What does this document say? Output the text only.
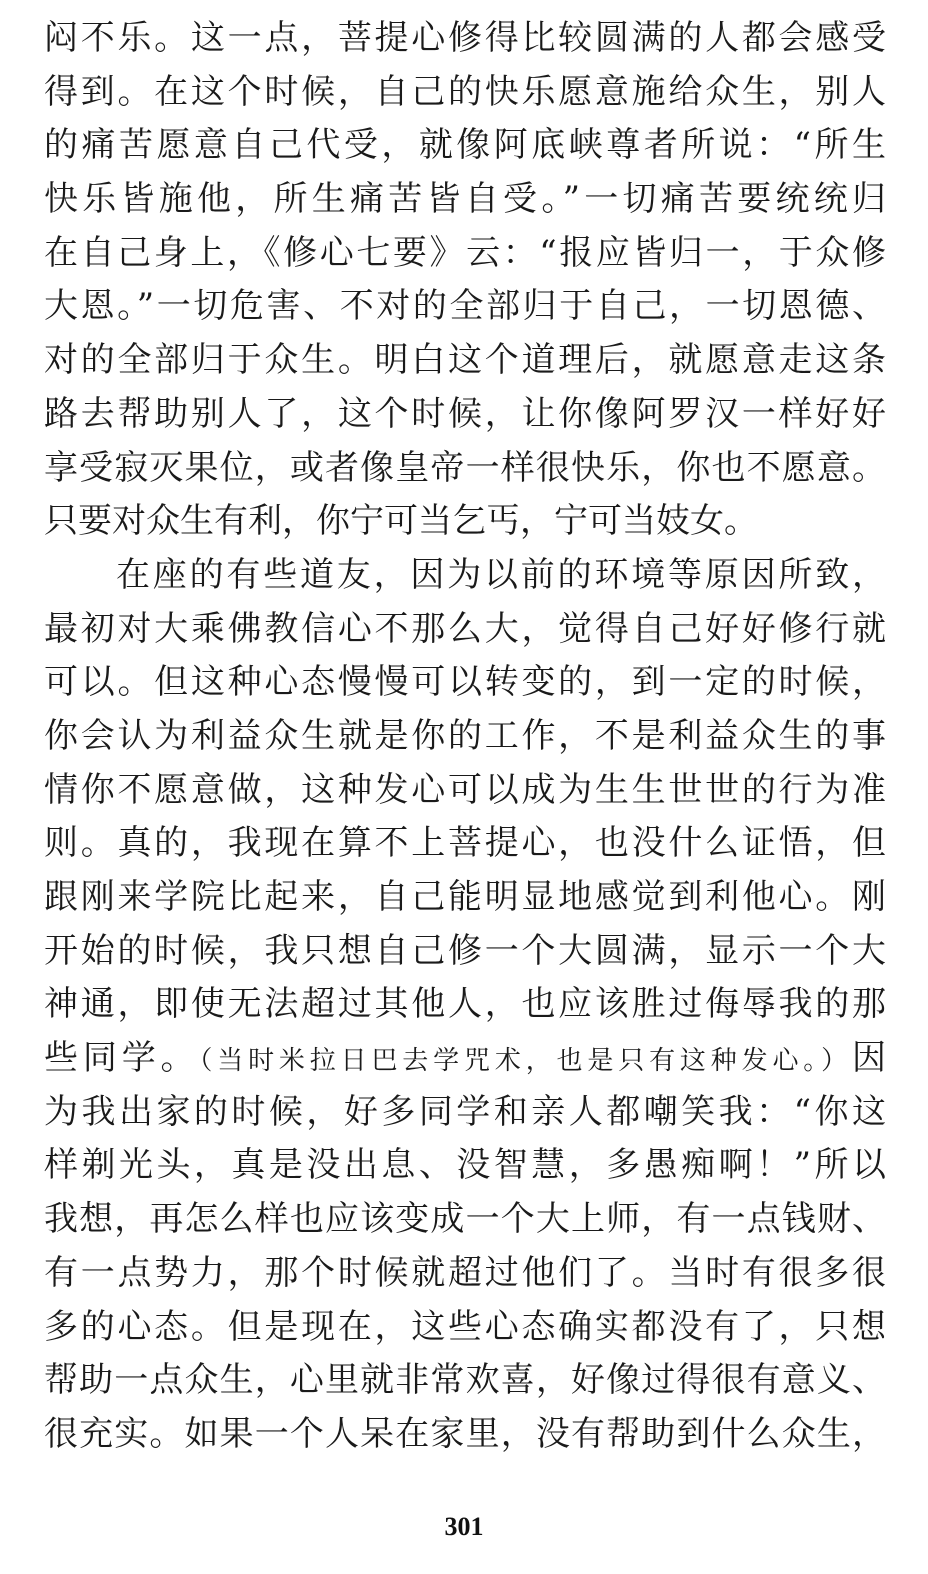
闷不乐。这一点，菩提心修得比较圆满的人都会感受
得到。在这个时候，自己的快乐愿意施给众生，别人
的痛苦愿意自己代受，就像阿底峡尊者所说：“所生
快乐皆施他，所生痛苦皆自受。”一切痛苦要统统归
在自己身上，《修心七要》云：“报应皆归一，于众修
大恩。”一切危害、不对的全部归于自己，一切恩德、
对的全部归于众生。明白这个道理后，就愿意走这条
路去帮助别人了，这个时候，让你像阿罗汉一样好好
享受寂灭果位，或者像皇帝一样很快乐，你也不愿意。
只要对众生有利，你宁可当乞丐，宁可当妓女。
在座的有些道友，因为以前的环境等原因所致，
最初对大乘佛教信心不那么大，觉得自己好好修行就
可以。但这种心态慢慢可以转变的，到一定的时候，
你会认为利益众生就是你的工作，不是利益众生的事
情你不愿意做，这种发心可以成为生生世世的行为准
则。真的，我现在算不上菩提心，也没什么证悟，但
跟刚来学院比起来，自己能明显地感觉到利他心。刚
开始的时候，我只想自己修一个大圆满，显示一个大
神通，即使无法超过其他人，也应该胜过侮辱我的那
些同学。（当时米拉日巴去学咒术，也是只有这种发心。）因
为我出家的时候，好多同学和亲人都嘲笑我：“你这
样剃光头，真是没出息、没智慧，多愚痴啊！”所以
我想，再怎么样也应该变成一个大上师，有一点钱财、
有一点势力，那个时候就超过他们了。当时有很多很
多的心态。但是现在，这些心态确实都没有了，只想
帮助一点众生，心里就非常欢喜，好像过得很有意义、
很充实。如果一个人呆在家里，没有帮助到什么众生，
301
